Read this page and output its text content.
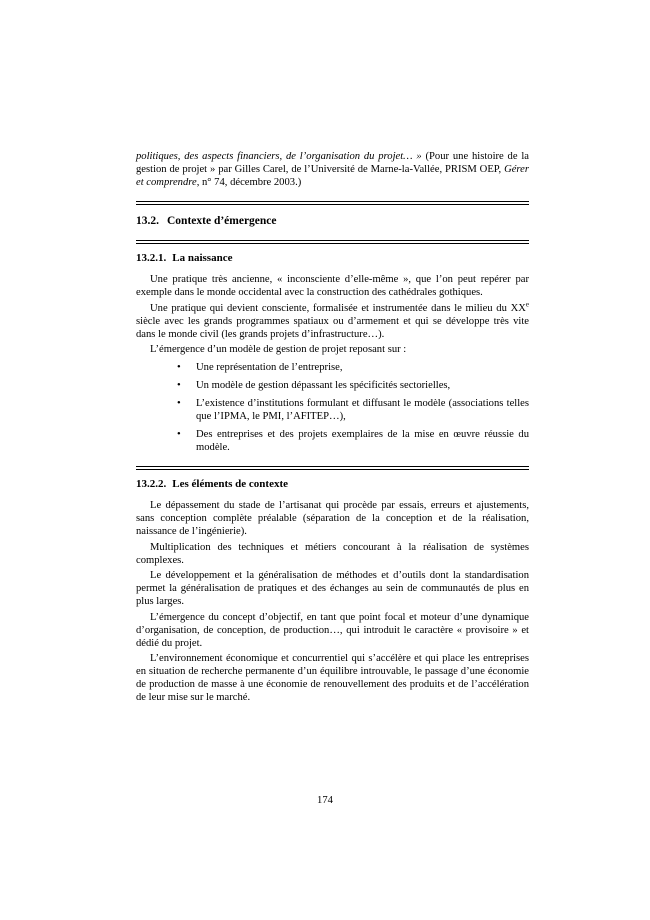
politiques, des aspects financiers, de l’organisation du projet… » (Pour une histoire de la gestion de projet » par Gilles Carel, de l’Université de Marne-la-Vallée, PRISM OEP, Gérer et comprendre, n° 74, décembre 2003.)

13.2. Contexte d’émergence
13.2.1. La naissance

Une pratique très ancienne, « inconsciente d’elle-même », que l’on peut repérer par exemple dans le monde occidental avec la construction des cathédrales gothiques.

Une pratique qui devient consciente, formalisée et instrumentée dans le milieu du XXe siècle avec les grands programmes spatiaux ou d’armement et qui se développe très vite dans le monde civil (les grands projets d’infrastructure…).

L’émergence d’un modèle de gestion de projet reposant sur :

• Une représentation de l’entreprise,
• Un modèle de gestion dépassant les spécificités sectorielles,
• L’existence d’institutions formulant et diffusant le modèle (associations telles que l’IPMA, le PMI, l’AFITEP…),
• Des entreprises et des projets exemplaires de la mise en œuvre réussie du modèle.
13.2.2. Les éléments de contexte

Le dépassement du stade de l’artisanat qui procède par essais, erreurs et ajustements, sans conception complète préalable (séparation de la conception et de la réalisation, naissance de l’ingénierie).

Multiplication des techniques et métiers concourant à la réalisation de systèmes complexes.

Le développement et la généralisation de méthodes et d’outils dont la standardisation permet la généralisation de pratiques et des échanges au sein de communautés de plus en plus larges.

L’émergence du concept d’objectif, en tant que point focal et moteur d’une dynamique d’organisation, de conception, de production…, qui introduit le caractère « provisoire » et dédié du projet.

L’environnement économique et concurrentiel qui s’accélère et qui place les entreprises en situation de recherche permanente d’un équilibre introuvable, le passage d’une économie de production de masse à une économie de renouvellement des produits et de l’accélération de leur mise sur le marché.

174
